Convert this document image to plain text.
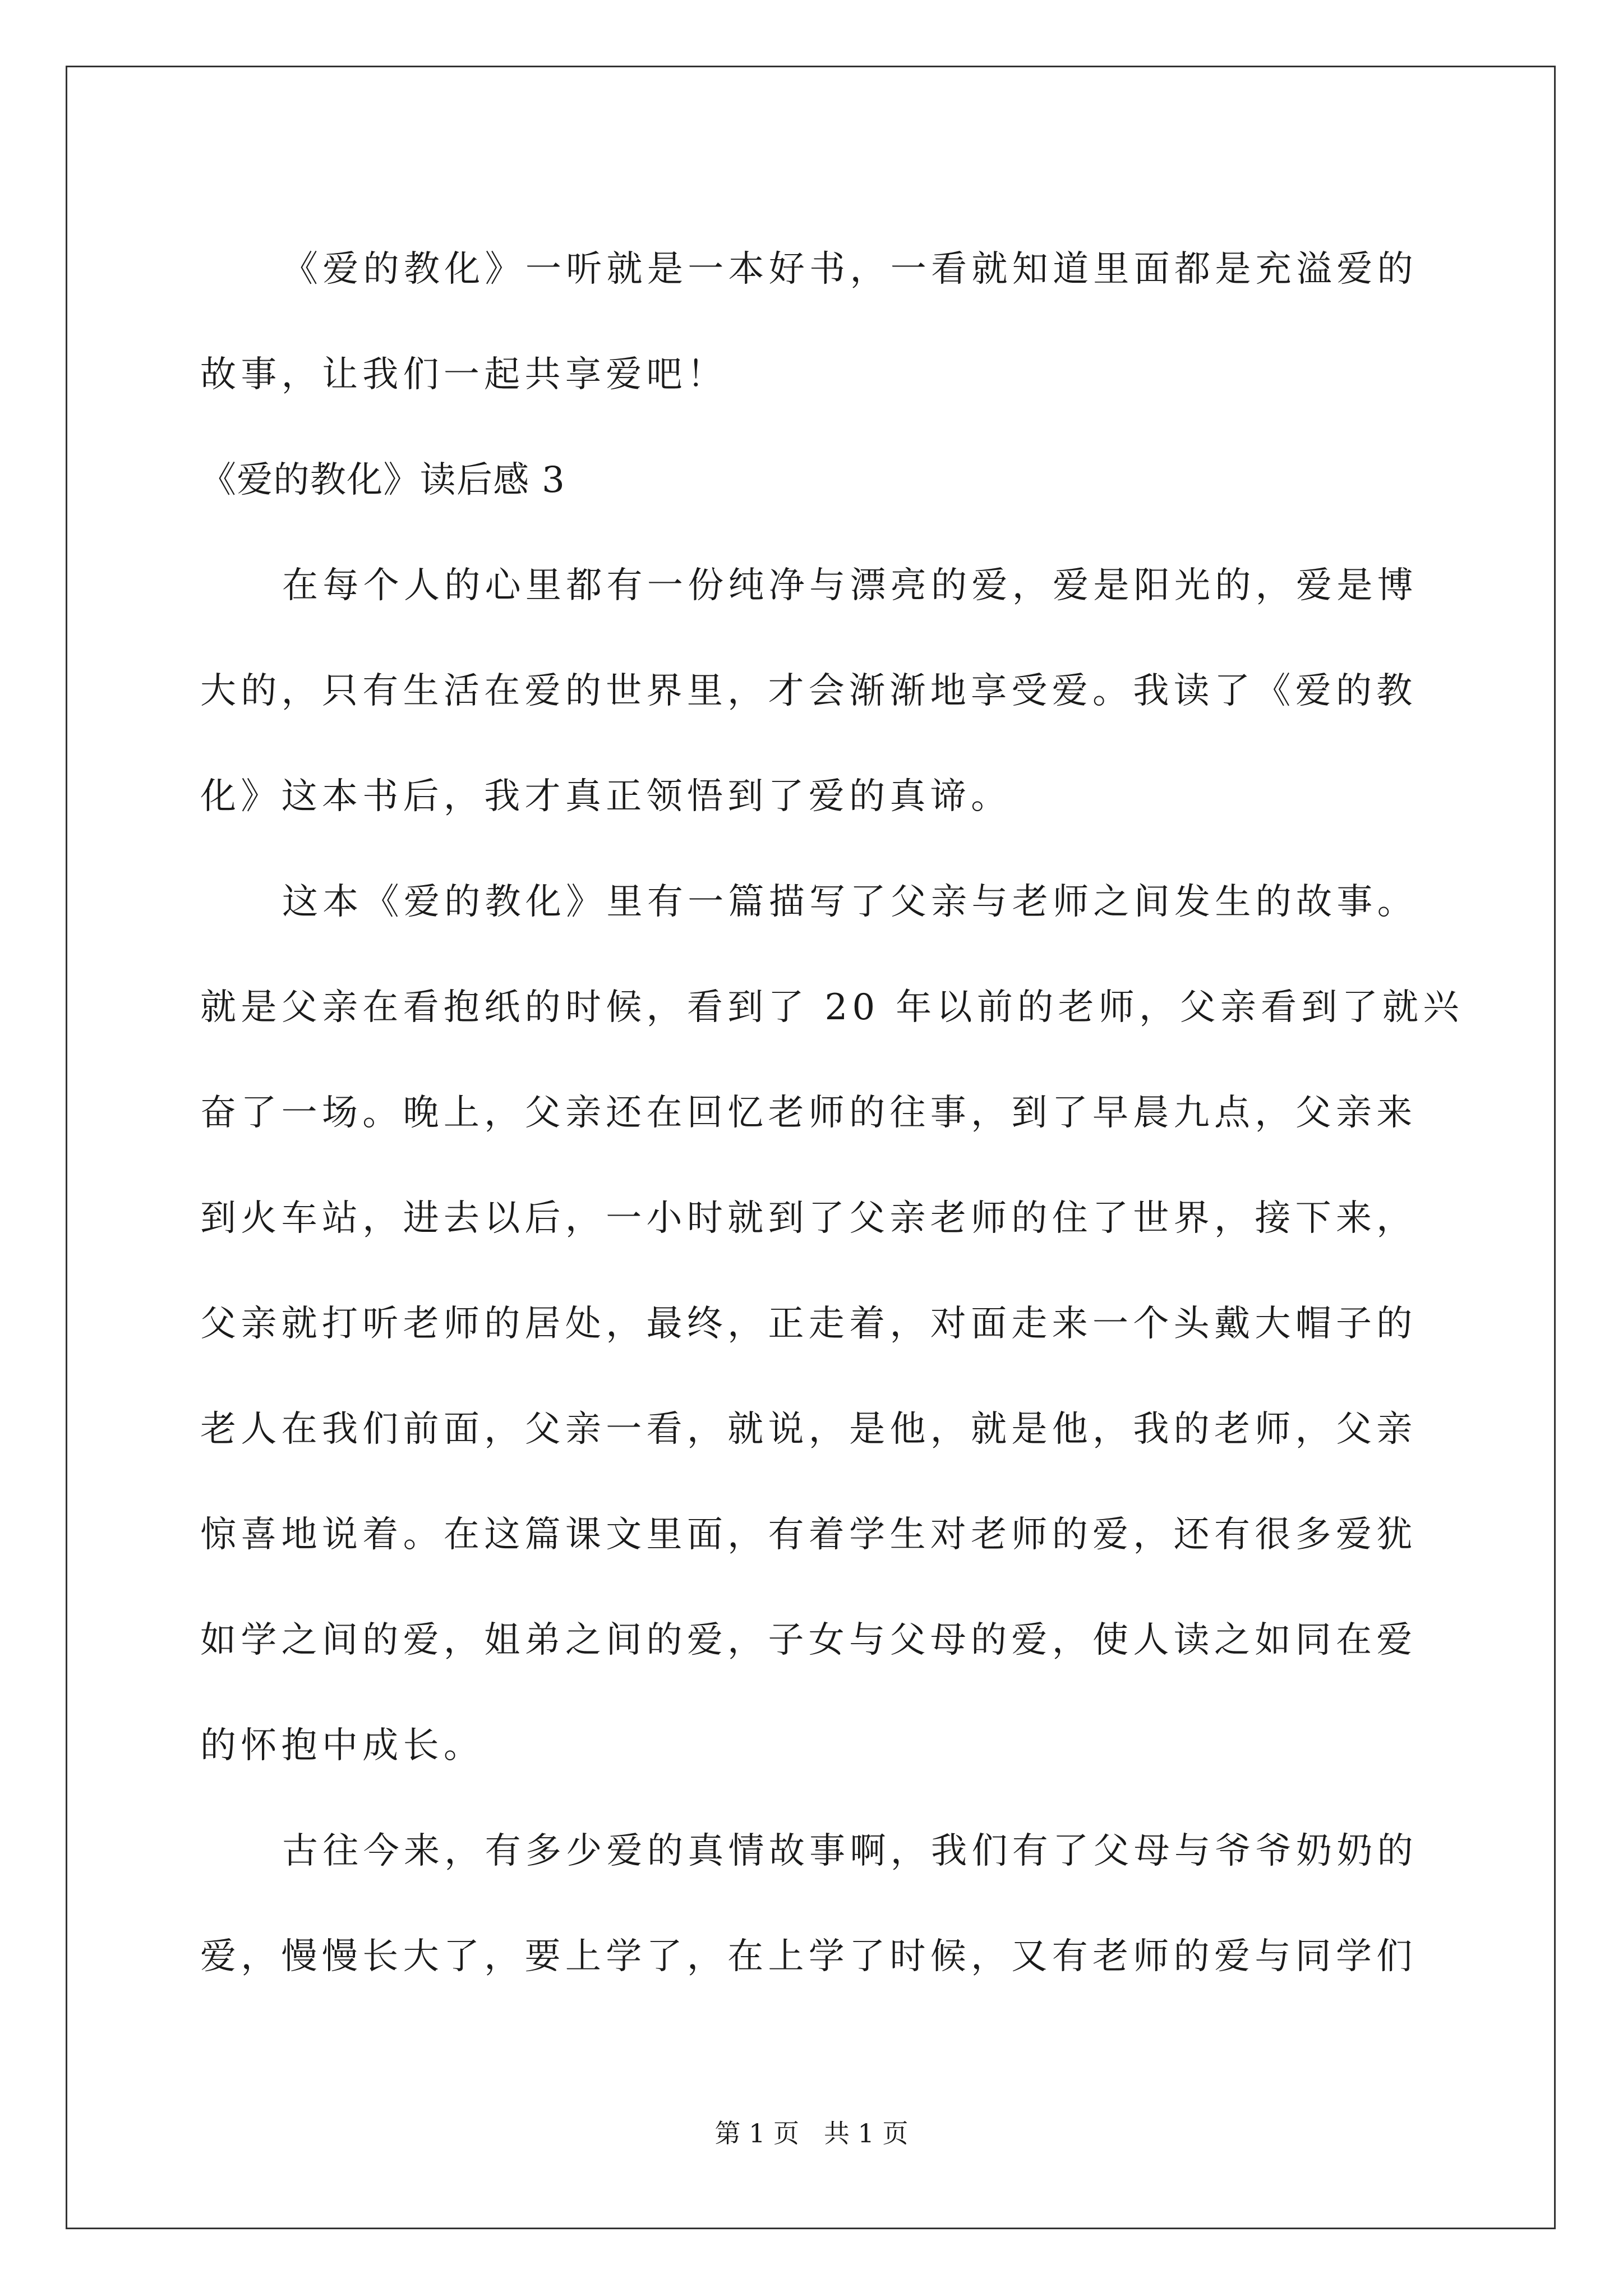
《爱的教化》一听就是一本好书，一看就知道里面都是充溢爱的
故事，让我们一起共享爱吧！
《爱的教化》读后感 3
在每个人的心里都有一份纯净与漂亮的爱，爱是阳光的，爱是博
大的，只有生活在爱的世界里，才会渐渐地享受爱。我读了《爱的教
化》这本书后，我才真正领悟到了爱的真谛。
这本《爱的教化》里有一篇描写了父亲与老师之间发生的故事。
就是父亲在看抱纸的时候，看到了 20 年以前的老师，父亲看到了就兴
奋了一场。晚上，父亲还在回忆老师的往事，到了早晨九点，父亲来
到火车站，进去以后，一小时就到了父亲老师的住了世界，接下来，
父亲就打听老师的居处，最终，正走着，对面走来一个头戴大帽子的
老人在我们前面，父亲一看，就说，是他，就是他，我的老师，父亲
惊喜地说着。在这篇课文里面，有着学生对老师的爱，还有很多爱犹
如学之间的爱，姐弟之间的爱，子女与父母的爱，使人读之如同在爱
的怀抱中成长。
古往今来，有多少爱的真情故事啊，我们有了父母与爷爷奶奶的
爱，慢慢长大了，要上学了，在上学了时候，又有老师的爱与同学们
第 1 页 共 1 页
